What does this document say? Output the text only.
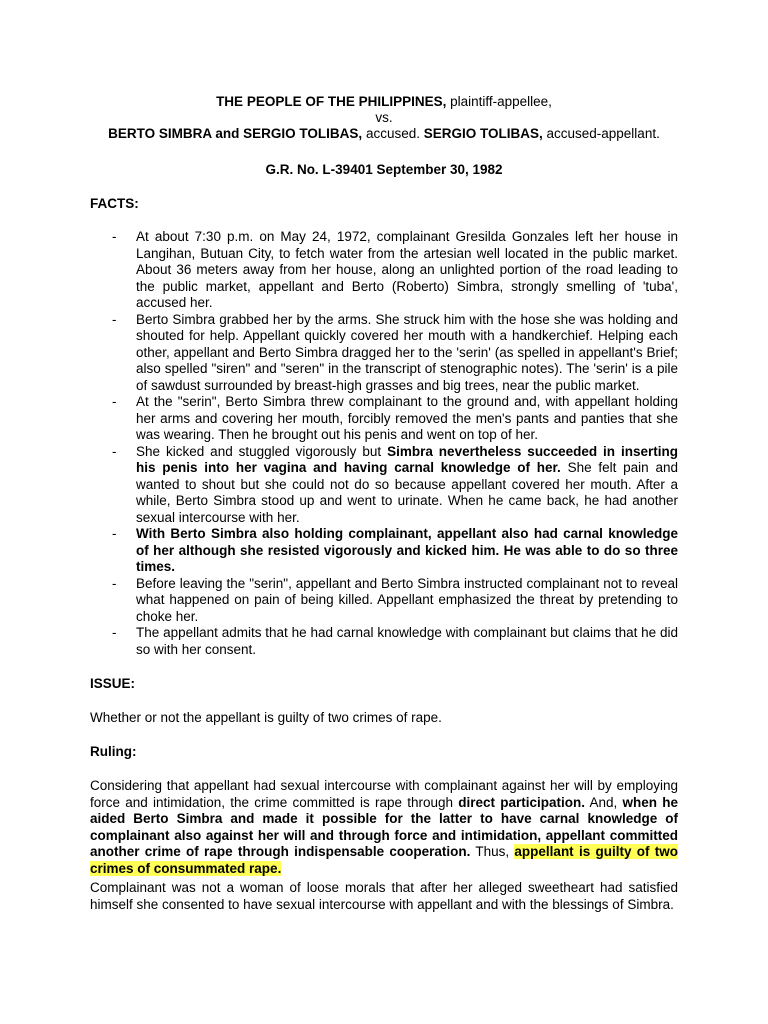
THE PEOPLE OF THE PHILIPPINES, plaintiff-appellee,
vs.
BERTO SIMBRA and SERGIO TOLIBAS, accused. SERGIO TOLIBAS, accused-appellant.
G.R. No. L-39401 September 30, 1982
FACTS:
- At about 7:30 p.m. on May 24, 1972, complainant Gresilda Gonzales left her house in Langihan, Butuan City, to fetch water from the artesian well located in the public market. About 36 meters away from her house, along an unlighted portion of the road leading to the public market, appellant and Berto (Roberto) Simbra, strongly smelling of 'tuba', accused her.
- Berto Simbra grabbed her by the arms. She struck him with the hose she was holding and shouted for help. Appellant quickly covered her mouth with a handkerchief. Helping each other, appellant and Berto Simbra dragged her to the 'serin' (as spelled in appellant's Brief; also spelled "siren" and "seren" in the transcript of stenographic notes). The 'serin' is a pile of sawdust surrounded by breast-high grasses and big trees, near the public market.
- At the "serin", Berto Simbra threw complainant to the ground and, with appellant holding her arms and covering her mouth, forcibly removed the men's pants and panties that she was wearing. Then he brought out his penis and went on top of her.
- She kicked and stuggled vigorously but Simbra nevertheless succeeded in inserting his penis into her vagina and having carnal knowledge of her. She felt pain and wanted to shout but she could not do so because appellant covered her mouth. After a while, Berto Simbra stood up and went to urinate. When he came back, he had another sexual intercourse with her.
- With Berto Simbra also holding complainant, appellant also had carnal knowledge of her although she resisted vigorously and kicked him. He was able to do so three times.
- Before leaving the "serin", appellant and Berto Simbra instructed complainant not to reveal what happened on pain of being killed. Appellant emphasized the threat by pretending to choke her.
- The appellant admits that he had carnal knowledge with complainant but claims that he did so with her consent.
ISSUE:
Whether or not the appellant is guilty of two crimes of rape.
Ruling:
Considering that appellant had sexual intercourse with complainant against her will by employing force and intimidation, the crime committed is rape through direct participation. And, when he aided Berto Simbra and made it possible for the latter to have carnal knowledge of complainant also against her will and through force and intimidation, appellant committed another crime of rape through indispensable cooperation. Thus, appellant is guilty of two crimes of consummated rape.
Complainant was not a woman of loose morals that after her alleged sweetheart had satisfied himself she consented to have sexual intercourse with appellant and with the blessings of Simbra.
